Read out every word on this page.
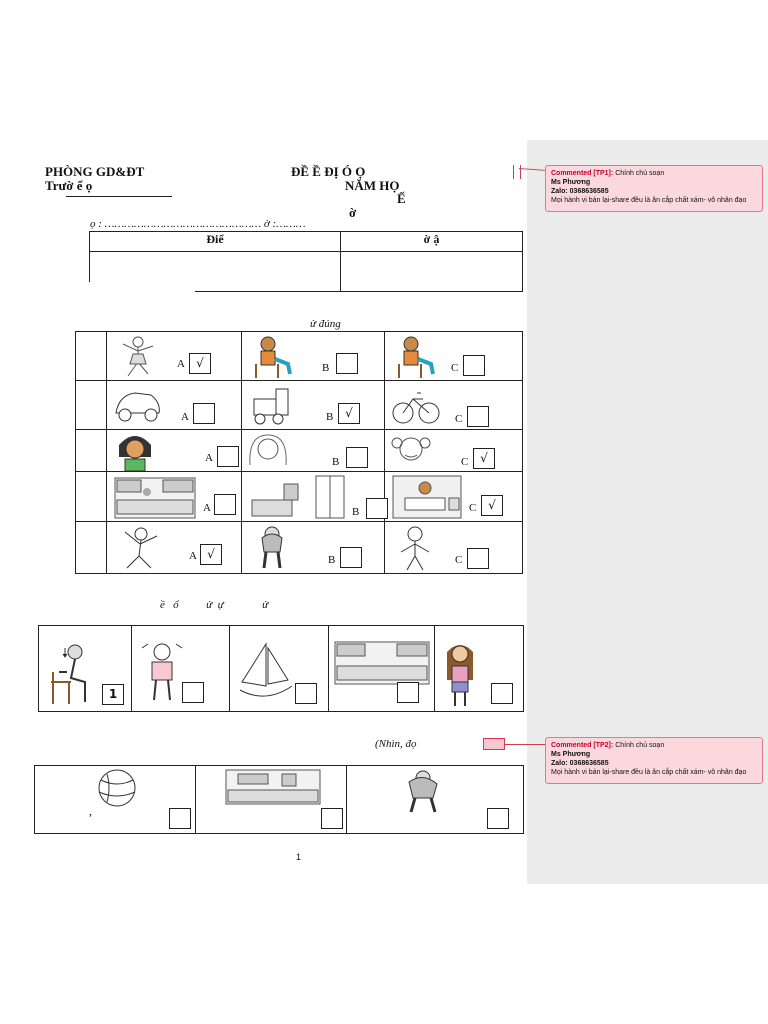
PHÒNG GD&ĐT
Trườ ể ọ
ĐỀ Ề ĐỊ Ó Ọ
NĂM HỌ
Ế
ờ
ọ : ………………………………………… ờ :………
Điể	ờ ậ

ử đúng

	A √	B	C

	A	B √	C

	A	B	C √

	A	B	C √

	A √	B	C
ề   ố          ử  ự              ử
1

(Nhìn, đọ
,

1
Commented [TP1]: Chính chủ soạn
Ms Phương
Zalo: 0368636585
Mọi hành vi bán lại-share đều là ăn cắp chất xám- vô nhân đạo
Commented [TP2]: Chính chủ soạn
Ms Phương
Zalo: 0368636585
Mọi hành vi bán lại-share đều là ăn cắp chất xám- vô nhân đạo
